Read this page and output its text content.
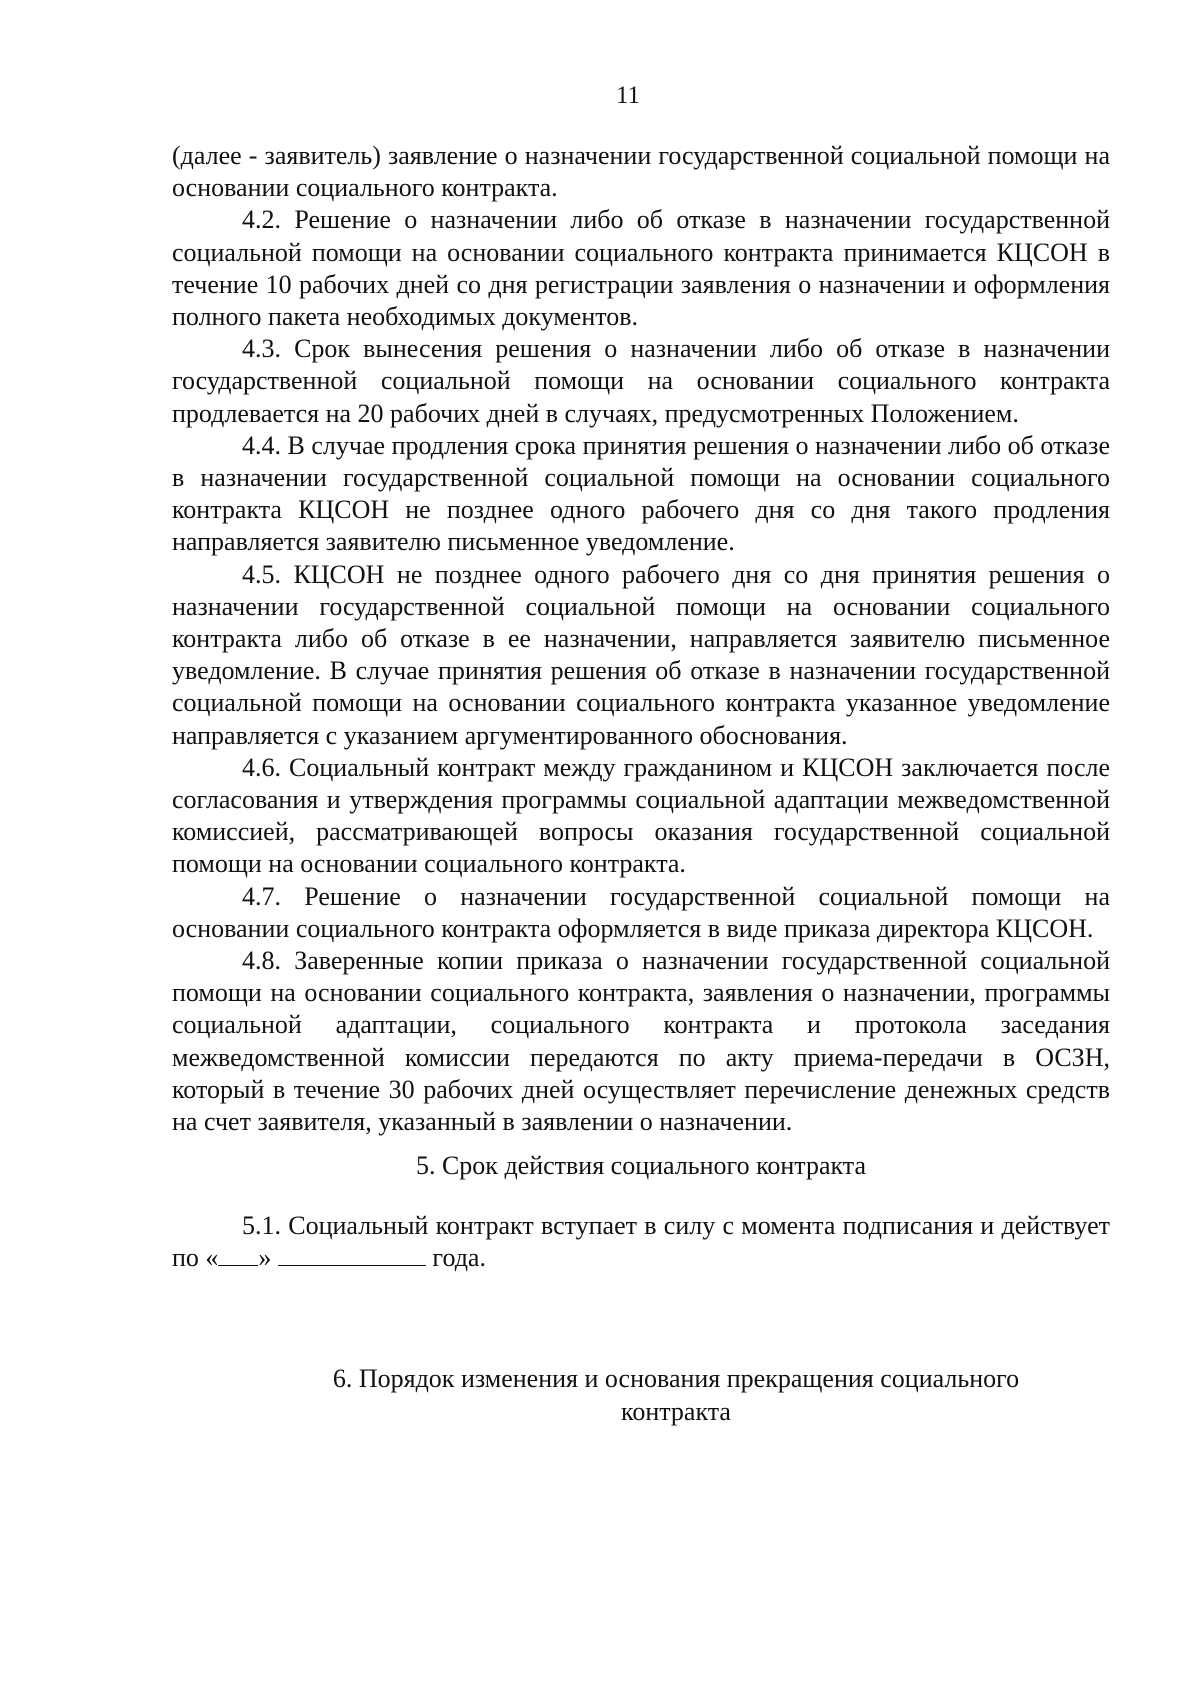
11

(далее - заявитель) заявление о назначении государственной социальной помощи на основании социального контракта.

4.2. Решение о назначении либо об отказе в назначении государственной социальной помощи на основании социального контракта принимается КЦСОН в течение 10 рабочих дней со дня регистрации заявления о назначении и оформления полного пакета необходимых документов.

4.3. Срок вынесения решения о назначении либо об отказе в назначении государственной социальной помощи на основании социального контракта продлевается на 20 рабочих дней в случаях, предусмотренных Положением.

4.4. В случае продления срока принятия решения о назначении либо об отказе в назначении государственной социальной помощи на основании социального контракта КЦСОН не позднее одного рабочего дня со дня такого продления направляется заявителю письменное уведомление.

4.5. КЦСОН не позднее одного рабочего дня со дня принятия решения о назначении государственной социальной помощи на основании социального контракта либо об отказе в ее назначении, направляется заявителю письменное уведомление. В случае принятия решения об отказе в назначении государственной социальной помощи на основании социального контракта указанное уведомление направляется с указанием аргументированного обоснования.

4.6. Социальный контракт между гражданином и КЦСОН заключается после согласования и утверждения программы социальной адаптации межведомственной комиссией, рассматривающей вопросы оказания государственной социальной помощи на основании социального контракта.

4.7. Решение о назначении государственной социальной помощи на основании социального контракта оформляется в виде приказа директора КЦСОН.

4.8. Заверенные копии приказа о назначении государственной социальной помощи на основании социального контракта, заявления о назначении, программы социальной адаптации, социального контракта и протокола заседания межведомственной комиссии передаются по акту приема-передачи в ОСЗН, который в течение 30 рабочих дней осуществляет перечисление денежных средств на счет заявителя, указанный в заявлении о назначении.

5. Срок действия социального контракта

5.1. Социальный контракт вступает в силу с момента подписания и действует по « »	года.

6. Порядок изменения и основания прекращения социального контракта
